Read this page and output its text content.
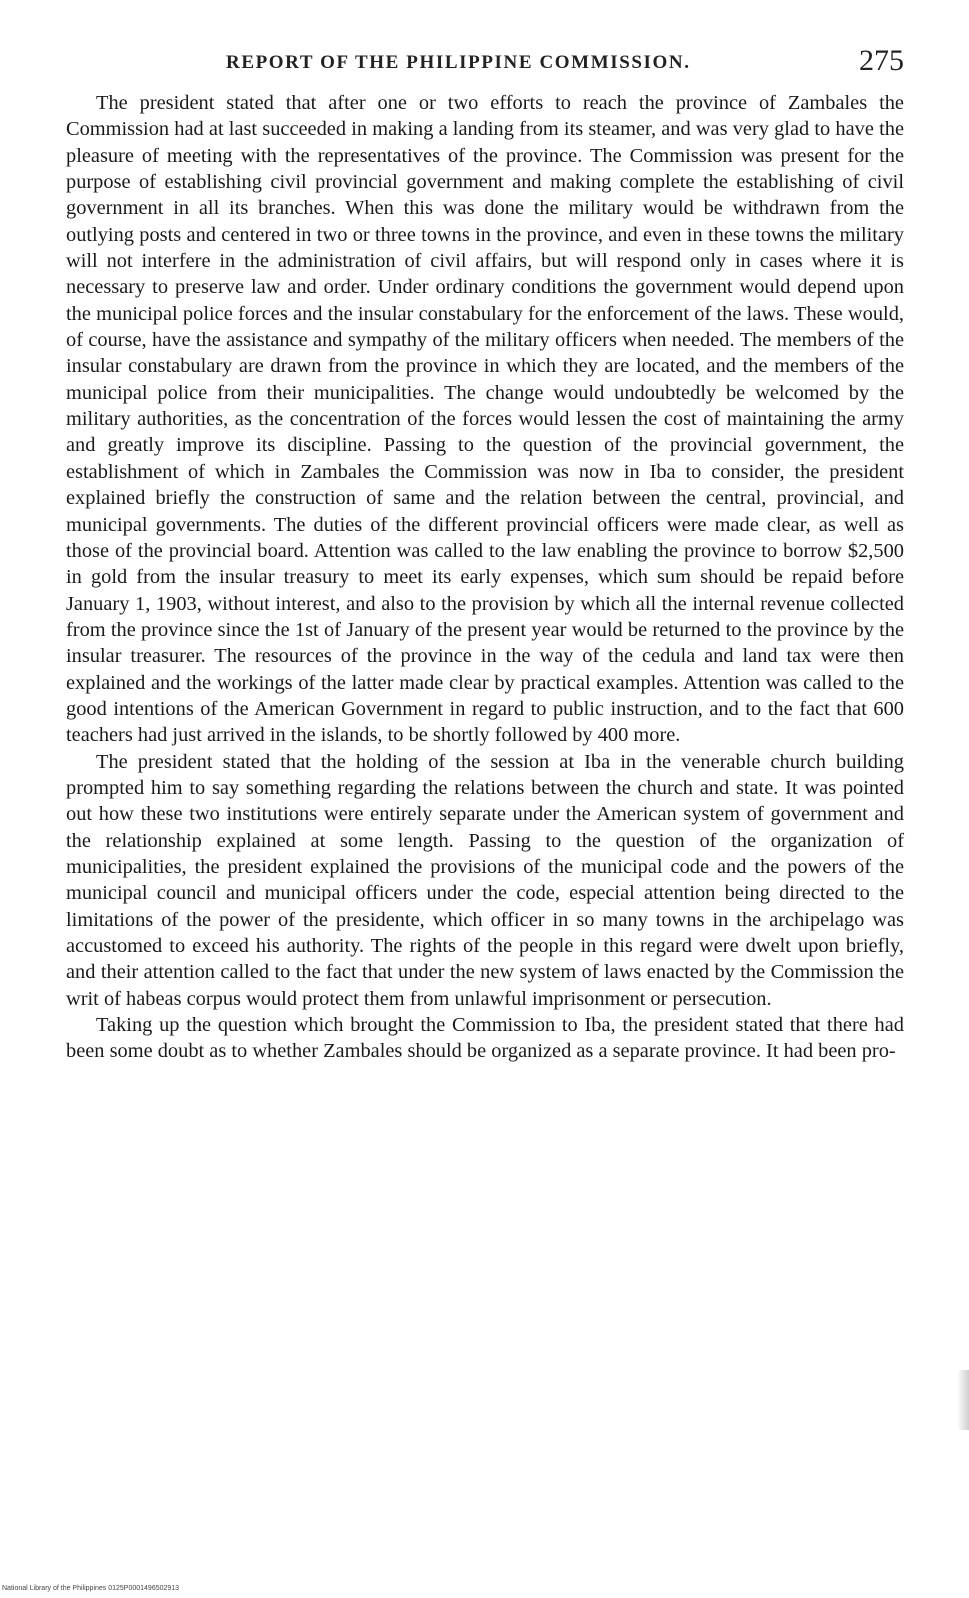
REPORT OF THE PHILIPPINE COMMISSION.	275

The president stated that after one or two efforts to reach the province of Zambales the Commission had at last succeeded in making a landing from its steamer, and was very glad to have the pleasure of meeting with the representatives of the province. The Commission was present for the purpose of establishing civil provincial government and making complete the establishing of civil government in all its branches. When this was done the military would be withdrawn from the outlying posts and centered in two or three towns in the province, and even in these towns the military will not interfere in the administration of civil affairs, but will respond only in cases where it is necessary to preserve law and order. Under ordinary conditions the government would depend upon the municipal police forces and the insular constabulary for the enforcement of the laws. These would, of course, have the assistance and sympathy of the military officers when needed. The members of the insular constabulary are drawn from the province in which they are located, and the members of the municipal police from their municipalities. The change would undoubtedly be welcomed by the military authorities, as the concentration of the forces would lessen the cost of maintaining the army and greatly improve its discipline. Passing to the question of the provincial government, the establishment of which in Zambales the Commission was now in Iba to consider, the president explained briefly the construction of same and the relation between the central, provincial, and municipal governments. The duties of the different provincial officers were made clear, as well as those of the provincial board. Attention was called to the law enabling the province to borrow $2,500 in gold from the insular treasury to meet its early expenses, which sum should be repaid before January 1, 1903, without interest, and also to the provision by which all the internal revenue collected from the province since the 1st of January of the present year would be returned to the province by the insular treasurer. The resources of the province in the way of the cedula and land tax were then explained and the workings of the latter made clear by practical examples. Attention was called to the good intentions of the American Government in regard to public instruction, and to the fact that 600 teachers had just arrived in the islands, to be shortly followed by 400 more.

The president stated that the holding of the session at Iba in the venerable church building prompted him to say something regarding the relations between the church and state. It was pointed out how these two institutions were entirely separate under the American system of government and the relationship explained at some length. Passing to the question of the organization of municipalities, the president explained the provisions of the municipal code and the powers of the municipal council and municipal officers under the code, especial attention being directed to the limitations of the power of the presidente, which officer in so many towns in the archipelago was accustomed to exceed his authority. The rights of the people in this regard were dwelt upon briefly, and their attention called to the fact that under the new system of laws enacted by the Commission the writ of habeas corpus would protect them from unlawful imprisonment or persecution.

Taking up the question which brought the Commission to Iba, the president stated that there had been some doubt as to whether Zambales should be organized as a separate province. It had been pro-

National Library of the Philippines 0125P0001496502913
